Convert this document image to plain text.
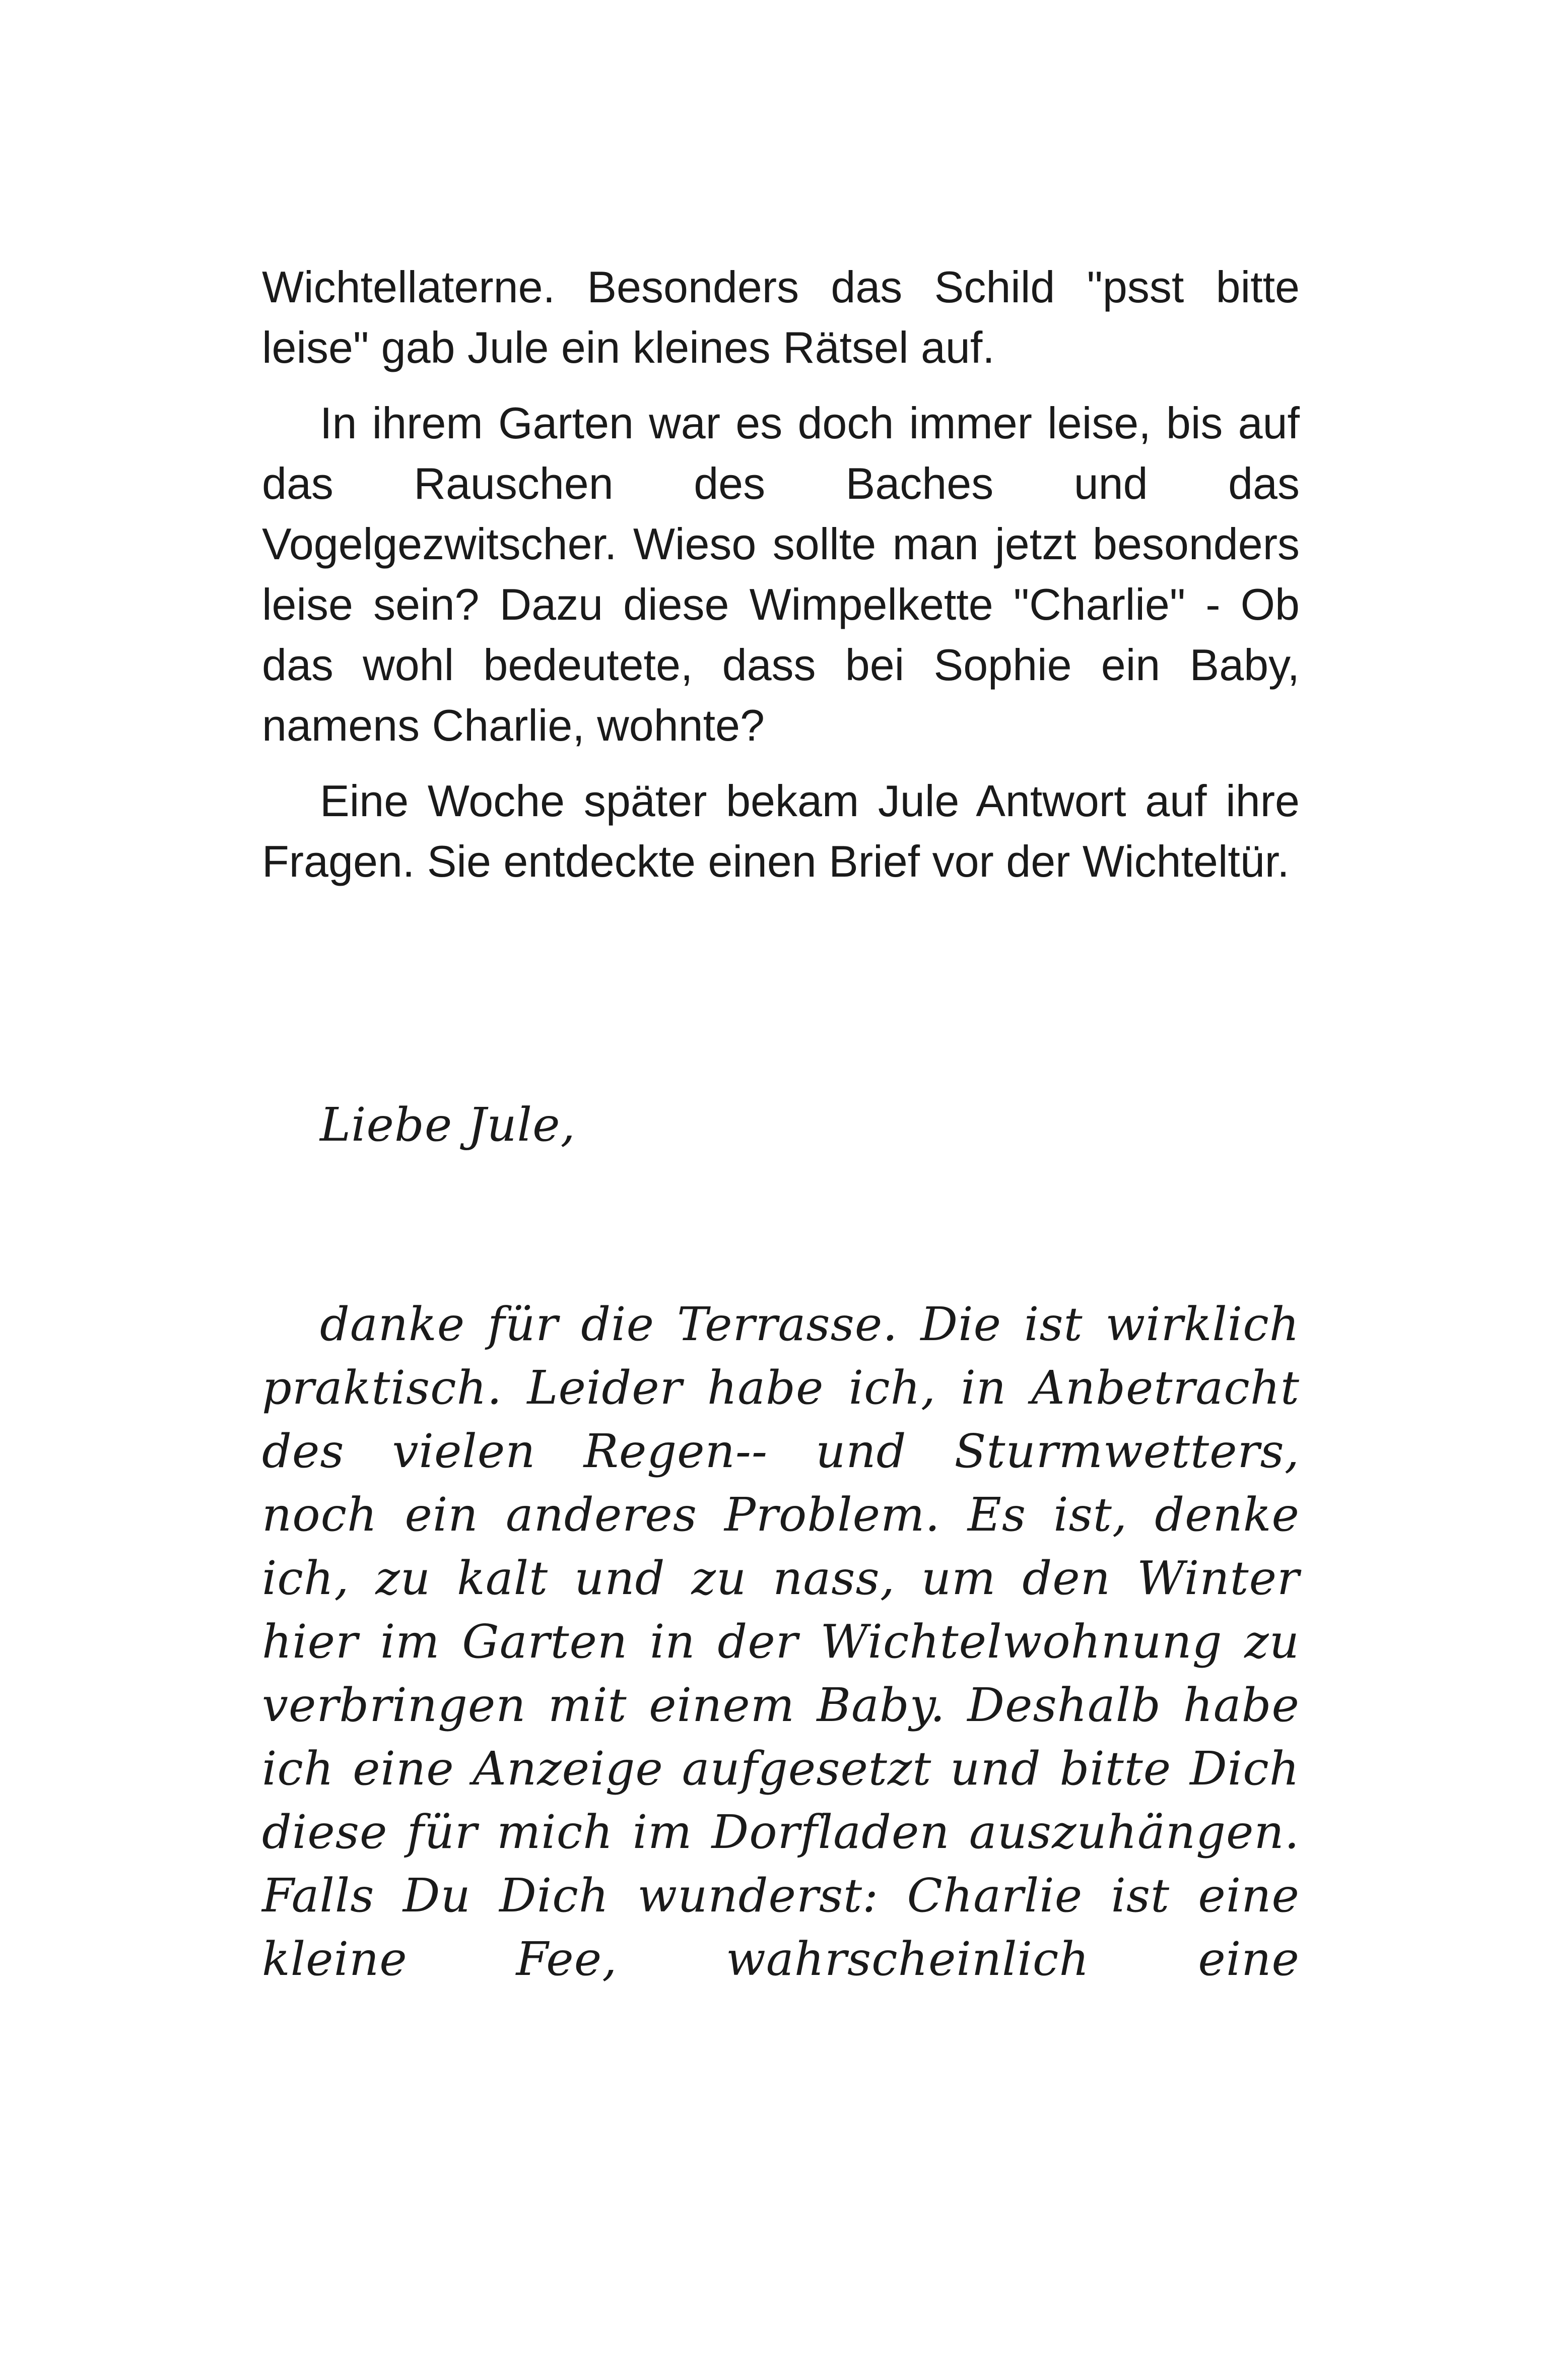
Wichtellaterne. Besonders das Schild "psst bitte leise" gab Jule ein kleines Rätsel auf.

In ihrem Garten war es doch immer leise, bis auf das Rauschen des Baches und das Vogelgezwitscher. Wieso sollte man jetzt besonders leise sein? Dazu diese Wimpelkette "Charlie" - Ob das wohl bedeutete, dass bei Sophie ein Baby, namens Charlie, wohnte?

Eine Woche später bekam Jule Antwort auf ihre Fragen. Sie entdeckte einen Brief vor der Wichteltür.

Liebe Jule,

danke für die Terrasse. Die ist wirklich praktisch. Leider habe ich, in Anbetracht des vielen Regen-- und Sturmwetters, noch ein anderes Problem. Es ist, denke ich, zu kalt und zu nass, um den Winter hier im Garten in der Wichtelwohnung zu verbringen mit einem Baby. Deshalb habe ich eine Anzeige aufgesetzt und bitte Dich diese für mich im Dorfladen auszuhängen. Falls Du Dich wunderst: Charlie ist eine kleine Fee, wahrscheinlich eine
